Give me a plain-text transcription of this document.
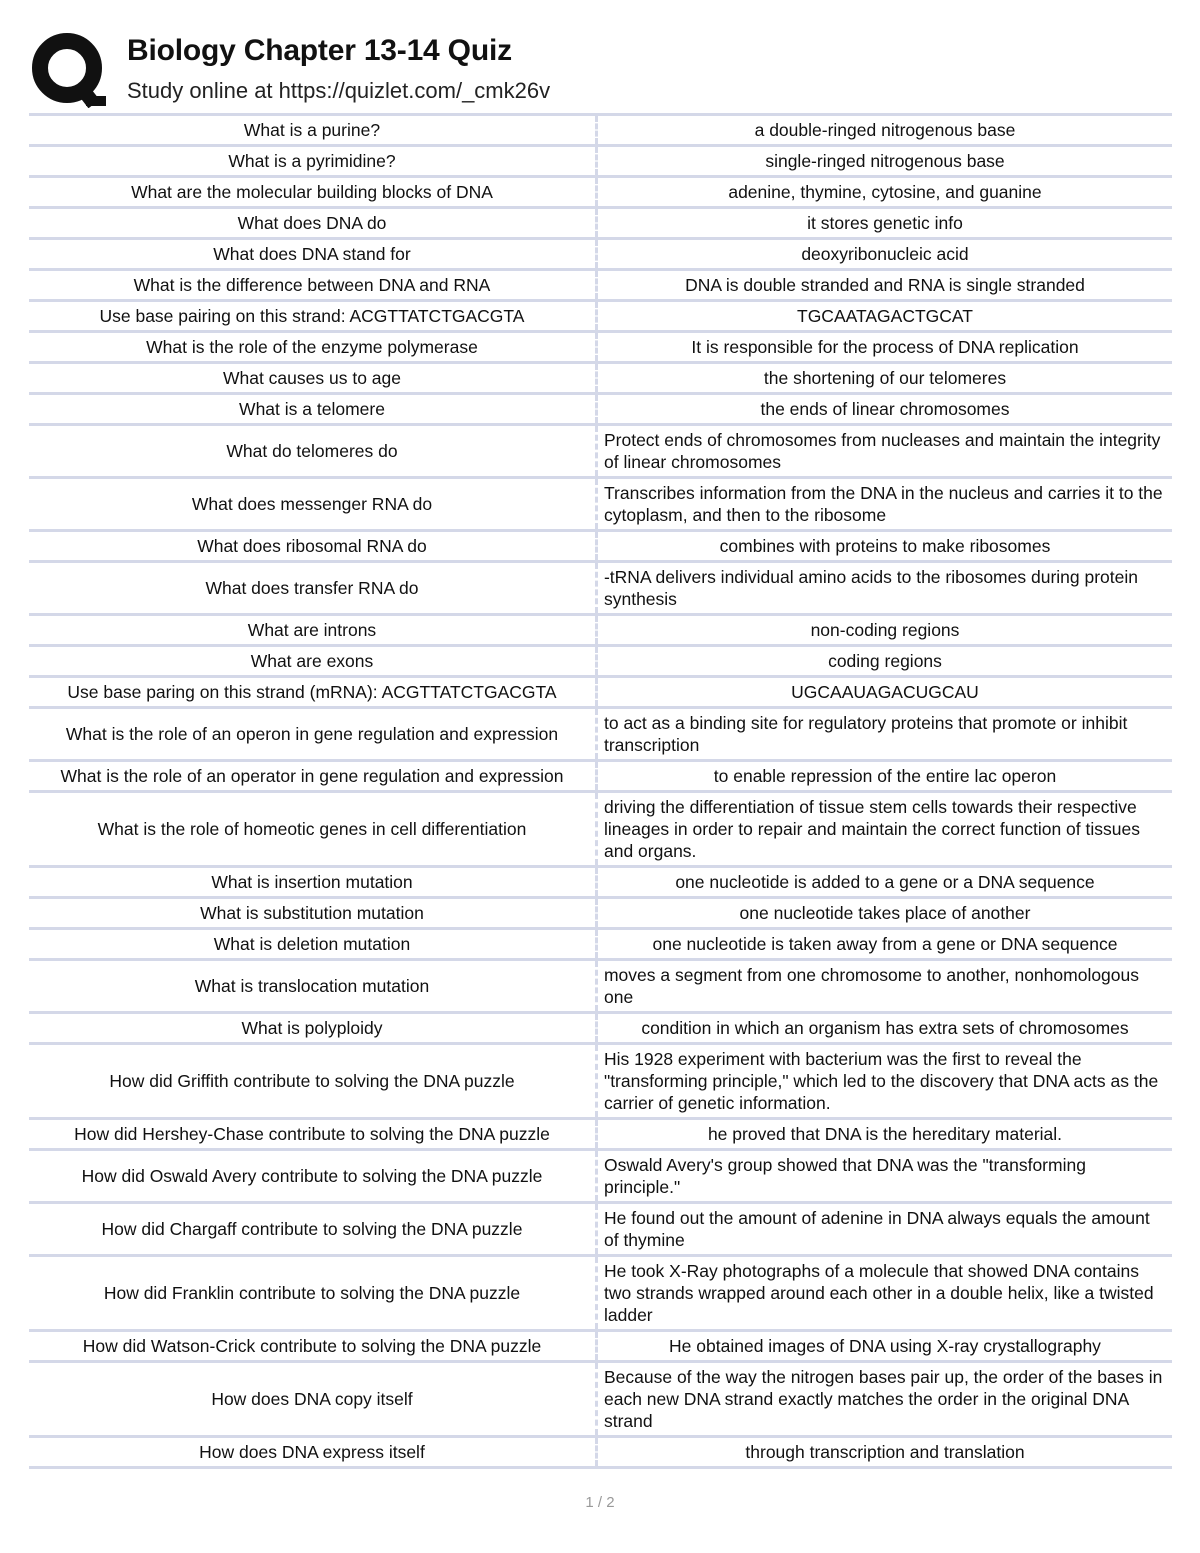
Biology Chapter 13-14 Quiz
Study online at https://quizlet.com/_cmk26v
What is a purine?		a double-ringed nitrogenous base
What is a pyrimidine?		single-ringed nitrogenous base
What are the molecular building blocks of DNA		adenine, thymine, cytosine, and guanine
What does DNA do		it stores genetic info
What does DNA stand for		deoxyribonucleic acid
What is the difference between DNA and RNA		DNA is double stranded and RNA is single stranded
Use base pairing on this strand: ACGTTATCTGACGTA		TGCAATAGACTGCAT
What is the role of the enzyme polymerase		It is responsible for the process of DNA replication
What causes us to age		the shortening of our telomeres
What is a telomere		the ends of linear chromosomes
What do telomeres do		Protect ends of chromosomes from nucleases and maintain the integrity of linear chromosomes
What does messenger RNA do		Transcribes information from the DNA in the nucleus and carries it to the cytoplasm, and then to the ribosome
What does ribosomal RNA do		combines with proteins to make ribosomes
What does transfer RNA do		-tRNA delivers individual amino acids to the ribosomes during protein synthesis
What are introns		non-coding regions
What are exons		coding regions
Use base paring on this strand (mRNA): ACGTTATCTGACGTA		UGCAAUAGACUGCAU
What is the role of an operon in gene regulation and expression		to act as a binding site for regulatory proteins that promote or inhibit transcription
What is the role of an operator in gene regulation and expression		to enable repression of the entire lac operon
What is the role of homeotic genes in cell differentiation		driving the differentiation of tissue stem cells towards their respective lineages in order to repair and maintain the correct function of tissues and organs.
What is insertion mutation		one nucleotide is added to a gene or a DNA sequence
What is substitution mutation		one nucleotide takes place of another
What is deletion mutation		one nucleotide is taken away from a gene or DNA sequence
What is translocation mutation		moves a segment from one chromosome to another, nonhomologous one
What is polyploidy		condition in which an organism has extra sets of chromosomes
How did Griffith contribute to solving the DNA puzzle		His 1928 experiment with bacterium was the first to reveal the "transforming principle," which led to the discovery that DNA acts as the carrier of genetic information.
How did Hershey-Chase contribute to solving the DNA puzzle		he proved that DNA is the hereditary material.
How did Oswald Avery contribute to solving the DNA puzzle		Oswald Avery's group showed that DNA was the "transforming principle."
How did Chargaff contribute to solving the DNA puzzle		He found out the amount of adenine in DNA always equals the amount of thymine
How did Franklin contribute to solving the DNA puzzle		He took X-Ray photographs of a molecule that showed DNA contains two strands wrapped around each other in a double helix, like a twisted ladder
How did Watson-Crick contribute to solving the DNA puzzle		He obtained images of DNA using X-ray crystallography
How does DNA copy itself		Because of the way the nitrogen bases pair up, the order of the bases in each new DNA strand exactly matches the order in the original DNA strand
How does DNA express itself		through transcription and translation
1 / 2
